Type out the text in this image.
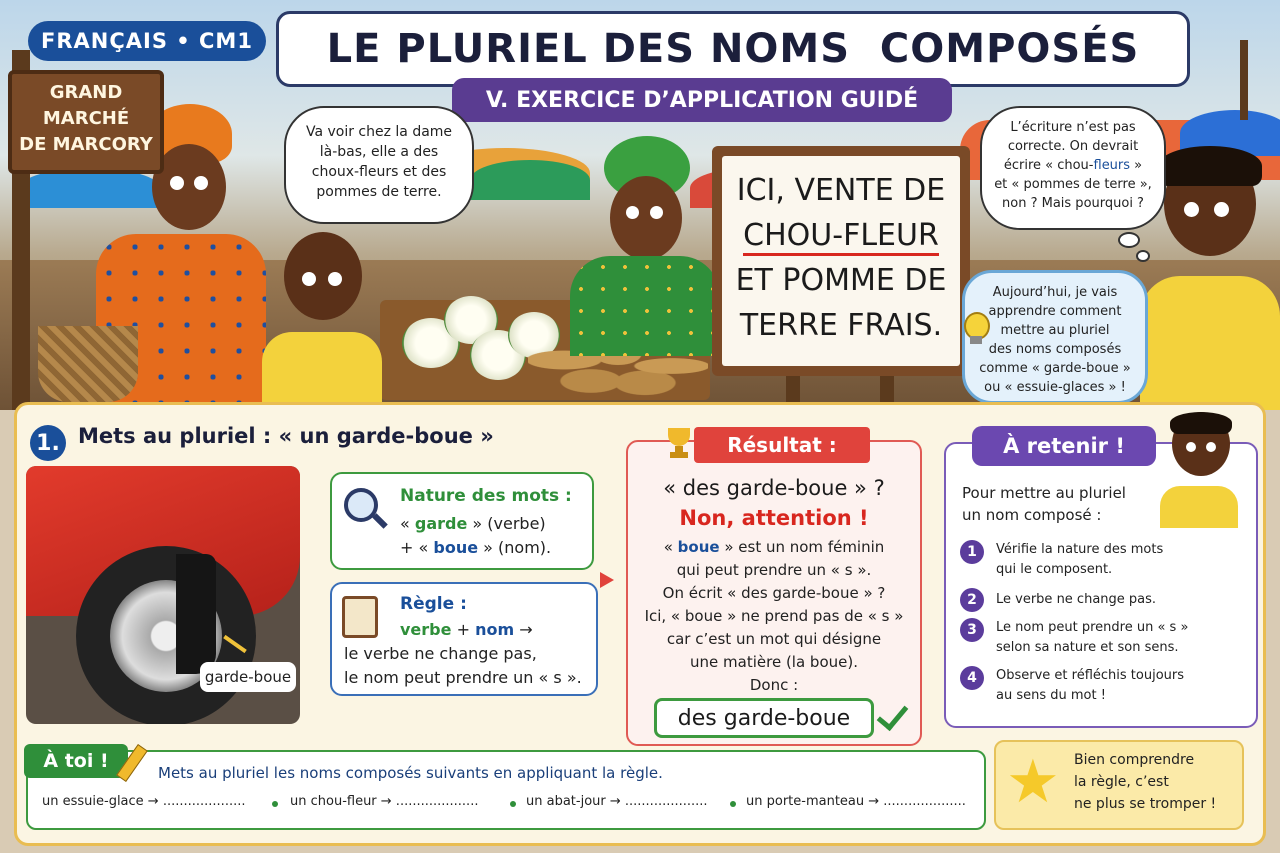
GRAND
MARCHÉ
DE MARCORY
FRANÇAIS • CM1	LE PLURIEL DES NOMS  COMPOSÉS
V. EXERCICE D’APPLICATION GUIDÉ
Va voir chez la dame
là-bas, elle a des
choux-fleurs et des
pommes de terre.	ICI, VENTE DE
CHOU-FLEUR
ET POMME DE
TERRE FRAIS.
L’écriture n’est pas
correcte. On devrait
écrire « chou-fleurs »
et « pommes de terre »,
non ? Mais pourquoi ?
Aujourd’hui, je vais
apprendre comment
mettre au pluriel
des noms composés
comme « garde-boue »
ou « essuie-glaces » !
1. Mets au pluriel : « un garde-boue »
garde-boue
Nature des mots :
« garde » (verbe)
+ « boue » (nom).
Règle :
verbe + nom →
le verbe ne change pas,
le nom peut prendre un « s ».
« des garde-boue » ?
Non, attention !
« boue » est un nom féminin
qui peut prendre un « s ».
On écrit « des garde-boue » ?
Ici, « boue » ne prend pas de « s »
car c’est un mot qui désigne
une matière (la boue).
Donc :
Résultat :
des garde-boue
Pour mettre au pluriel
un nom composé :
1	Vérifie la nature des mots
qui le composent.
2	Le verbe ne change pas.
3	Le nom peut prendre un « s »
selon sa nature et son sens.
4	Observe et réfléchis toujours
au sens du mot !
À retenir !
Mets au pluriel les noms composés suivants en appliquant la règle.
un essuie-glace → ....................	un chou-fleur → ....................	un abat-jour → ....................	un porte-manteau → ....................
À toi !	★ Bien comprendre
la règle, c’est
ne plus se tromper !
